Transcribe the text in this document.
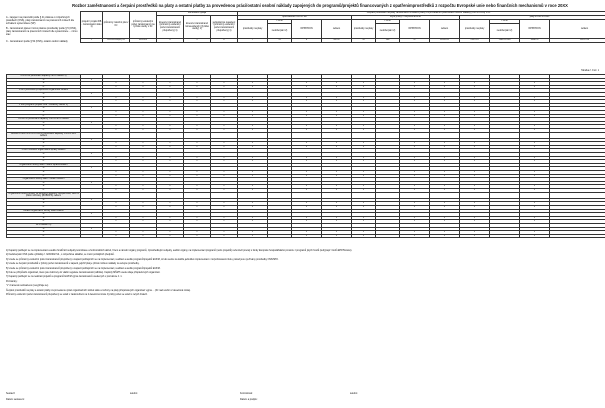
Rozbor zaměstnanosti a čerpání prostředků na platy a ostatní platby za provedenou práci/ostatní osobní náklady zapojených do programů/projektů financovaných z opatřenimprostředků z rozpočtu Evropské unie nebo finančních mechanismů v roce 20XX
A - zapojení na pracovišti podle § 41 zákona o rozpočtových pravidlech (OSS), platy zaměstnanců na pracovních místech dle schválení systemizace (SP)
B - zaměstnanci placení mimo platové prostředky podle § 5 (OSS), platy zaměstnanců na pracovních místech dle systemizace ... mimo stav
C - zaměstnanci podle § 52 (OSS), ostatní osobní náklady
projekt / projekt DB - zaměstnanci státu 1)	průměrný měsíční plat v Kč	průměrný evidenční počet zaměstnanců na fyzické osoby v Kč	Personální výdaje			Čerpání prostředků na platy zaměstnanců a ostatní platby za provedenou práci/ostatní osobní náklady (OPPP/OON) v Kč											
			kmenoví zaměstnanci (průměrný evidenční počet zaměstnanců přepočtený) 1)	kmenoví zaměstnanci mimoevidenční (fyzické osoby) 1)	jednorázové nasazení (průměrný evidenční počet zaměstnanců přepočtený) 1)	specifikovaní OR ze SR				kryto přílivy z rozpočtu EU/FM				platy a OPPP/OON			
						prostředky na platy	z toho	OPPP/OON	celkem	prostředky na platy	z toho	OPPP/OON	celkem	prostředky na platy	z toho	OPPP/OON	celkem
							nedočerpání 2)				nedočerpání 2)				nedočerpání 2)		
1	2=1/3x12x4/(x1)/12	3=1/2x/3	4	5	6	7	7a	8	8=7+8	10	10a	11	12=10+11	13=7+10	13a=7a+10a	14=8+11	15=12+14
Tabulka č. 9 str. 1
OSTATNÍ personální kapacity SPO celkem 3)																		
A	x																	
B		x	x	x	x	x	x		x	x	x		x	x	x		x	
C		x	x	x	x	x	x		x	x	x		x	x	x		x	
v tom: jednotlivá příspěvková organizace celkem																		
A	x																	
B		x	x	x	x	x	x		x	x	x		x	x	x		x	
C		x	x	x	x	x	x		x	x	x		x	x	x		x	
v tom program/ projekt: kód - zkrácený název 1)																		
A	x																	
B		x	x	x	x	x	x		x	x	x		x	x	x		x	
C		x	x	x	x	x	x		x	x	x		x	x	x		x	
OSTATNÍ personální kapacity OSS a SPO celkem																		
A	x																	
B		x	x	x	x	x	x		x	x	x		x	x	x		x	
C		x	x	x	x	x	x		x	x	x		x	x	x		x	
ADMINISTRATIVNÍ a OSTATNÍ personální kapacity OSS a SPO celkem																		
A	x																	
B		x	x	x	x	x	x		x	x	x		x	x	x		x	
C		x	x	x	x	x	x		x	x	x		x	x	x		x	
v tom: Ústřední orgán státní správy celkem																		
A	x																	
B		x	x	x	x	x	x		x	x	x		x	x	x		x	
C		x	x	x	x	x	x		x	x	x		x	x	x		x	
Organizační složky státu - státní správa celkem																		
A	x																	
B		x	x	x	x	x	x		x	x	x		x	x	x		x	
C		x	x	x	x	x	x		x	x	x		x	x	x		x	
Organizační složky státu - ostatní celkem																		
A	x																	
B		x	x	x	x	x	x		x	x	x		x	x	x		x	
C		x	x	x	x	x	x		x	x	x		x	x	x		x	
Organizační složky správy ve strážních sborech, bezpečnosti, celní a právní ochrany (BOBOPS) celkem																		
A	x																	
B		x	x	x	x	x	x		x	x	x		x	x	x		x	
C		x	x	x	x	x	x		x	x	x		x	x	x		x	
Ostatní organizační složky státu celkem																		
A	x																	
B		x	x	x	x	x	x		x	x	x		x	x	x		x	
C		x	x	x	x	x	x		x	x	x		x	x	x		x	
SPO celkem 3)																		
A	x																	
B		x	x	x	x	x	x		x	x	x		x	x	x		x	
C		x	x	x	x	x	x		x	x	x		x	x	x		x	

1) Kapacity podílející se na implementaci a auditu fondů EU subjekty koordinace a horizontálních aktivit, řízení a národní orgány programů, zprostředkující subjekty, auditní orgány, na implementaci programů (nebo projektů) nebo kteří pracují s fondy Evropské hospodářského prostoru z programů jiných fondů (sub)(např. fondů EHP/Norsko).

2) Nedočerpání OSS podle vyhlášky č. 323/2002 Sb., o rozpočtové skladbě, ve znění pozdějších předpisů.

3) Uvede se průměrný evidenční počet zaměstnanců přepočtený u kapacit podílejících se na implementaci, realizaci a auditu programů/projektů EU/FM, to kdo vedou na každé jednotlivé implementaci v rozpočtovaném titulu, pokud jsou využívány prostředky OSS/SPO.

4) Uvede se čerpání prostředků u fyzicky počet zaměstnanců u kapacit, jejichž plat je přímá mzdové náklady na veřejné prostředky.

5) Uvede se průměrný evidenční počet zaměstnanců přepočtený u kapacit podílejících se na implementaci, realizaci a auditu programů/projektů EU/FM.

6) Kde se přizpůsobí organizaci, které jsou zahrnuty do vládní regulace zaměstnanosti (odlišné). Kapitoly MŠMT uvede údaje příspěvkových organizací.

7) Kapacity podílející se na realizaci projektů a programů EU/FM vyjma zaměstnanců uvedených v poznámce č. 1.

Poznámky:

"x" znamená neobsazené (nevyplňuje se)

Čerpání prostředků na platy a ostatní platby za provedenou práci organizačních složek státu a rozbory na platy příspěvkových organizací vyjma ... (Kč nad souhrn 2 desetinná místa).

Průměrný evidenční počet zaměstnanců přepočtený se uvádí v zaokrouhlení na 2 desetinná místa. Fyzický počet se uvádí v celých číslech.

Sestavil:	telefon:
Datum sestavení:
Kontroloval:	telefon:
Datum a podpis:
